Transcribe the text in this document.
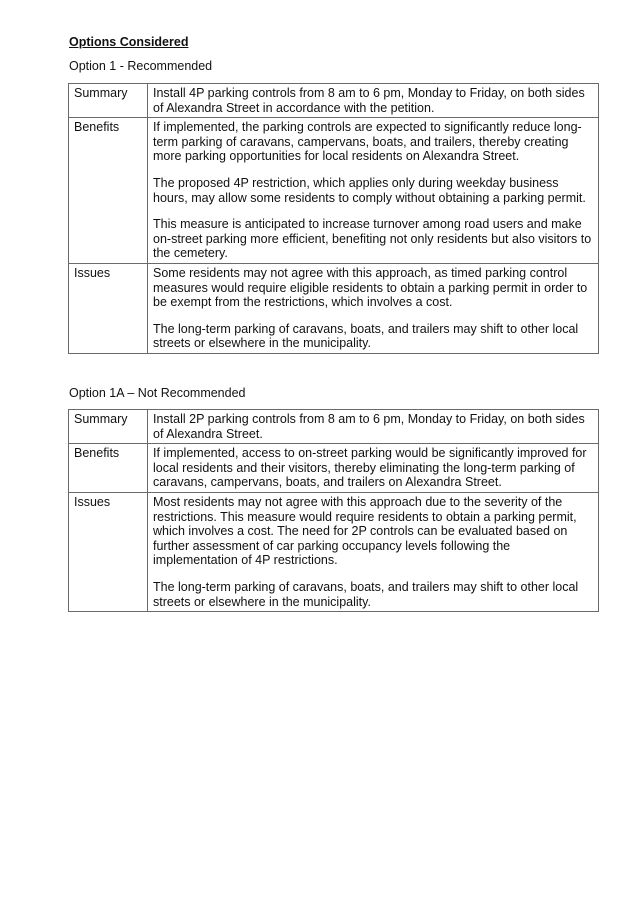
Options Considered
Option 1 - Recommended
Summary	Install 4P parking controls from 8 am to 6 pm, Monday to Friday, on both sides of Alexandra Street in accordance with the petition.

Benefits	If implemented, the parking controls are expected to significantly reduce long-term parking of caravans, campervans, boats, and trailers, thereby creating more parking opportunities for local residents on Alexandra Street.

The proposed 4P restriction, which applies only during weekday business hours, may allow some residents to comply without obtaining a parking permit.

This measure is anticipated to increase turnover among road users and make on-street parking more efficient, benefiting not only residents but also visitors to the cemetery.

Issues	Some residents may not agree with this approach, as timed parking control measures would require eligible residents to obtain a parking permit in order to be exempt from the restrictions, which involves a cost.

The long-term parking of caravans, boats, and trailers may shift to other local streets or elsewhere in the municipality.

Option 1A – Not Recommended
Summary	Install 2P parking controls from 8 am to 6 pm, Monday to Friday, on both sides of Alexandra Street.

Benefits	If implemented, access to on-street parking would be significantly improved for local residents and their visitors, thereby eliminating the long-term parking of caravans, campervans, boats, and trailers on Alexandra Street.

Issues	Most residents may not agree with this approach due to the severity of the restrictions. This measure would require residents to obtain a parking permit, which involves a cost. The need for 2P controls can be evaluated based on further assessment of car parking occupancy levels following the implementation of 4P restrictions.

The long-term parking of caravans, boats, and trailers may shift to other local streets or elsewhere in the municipality.
